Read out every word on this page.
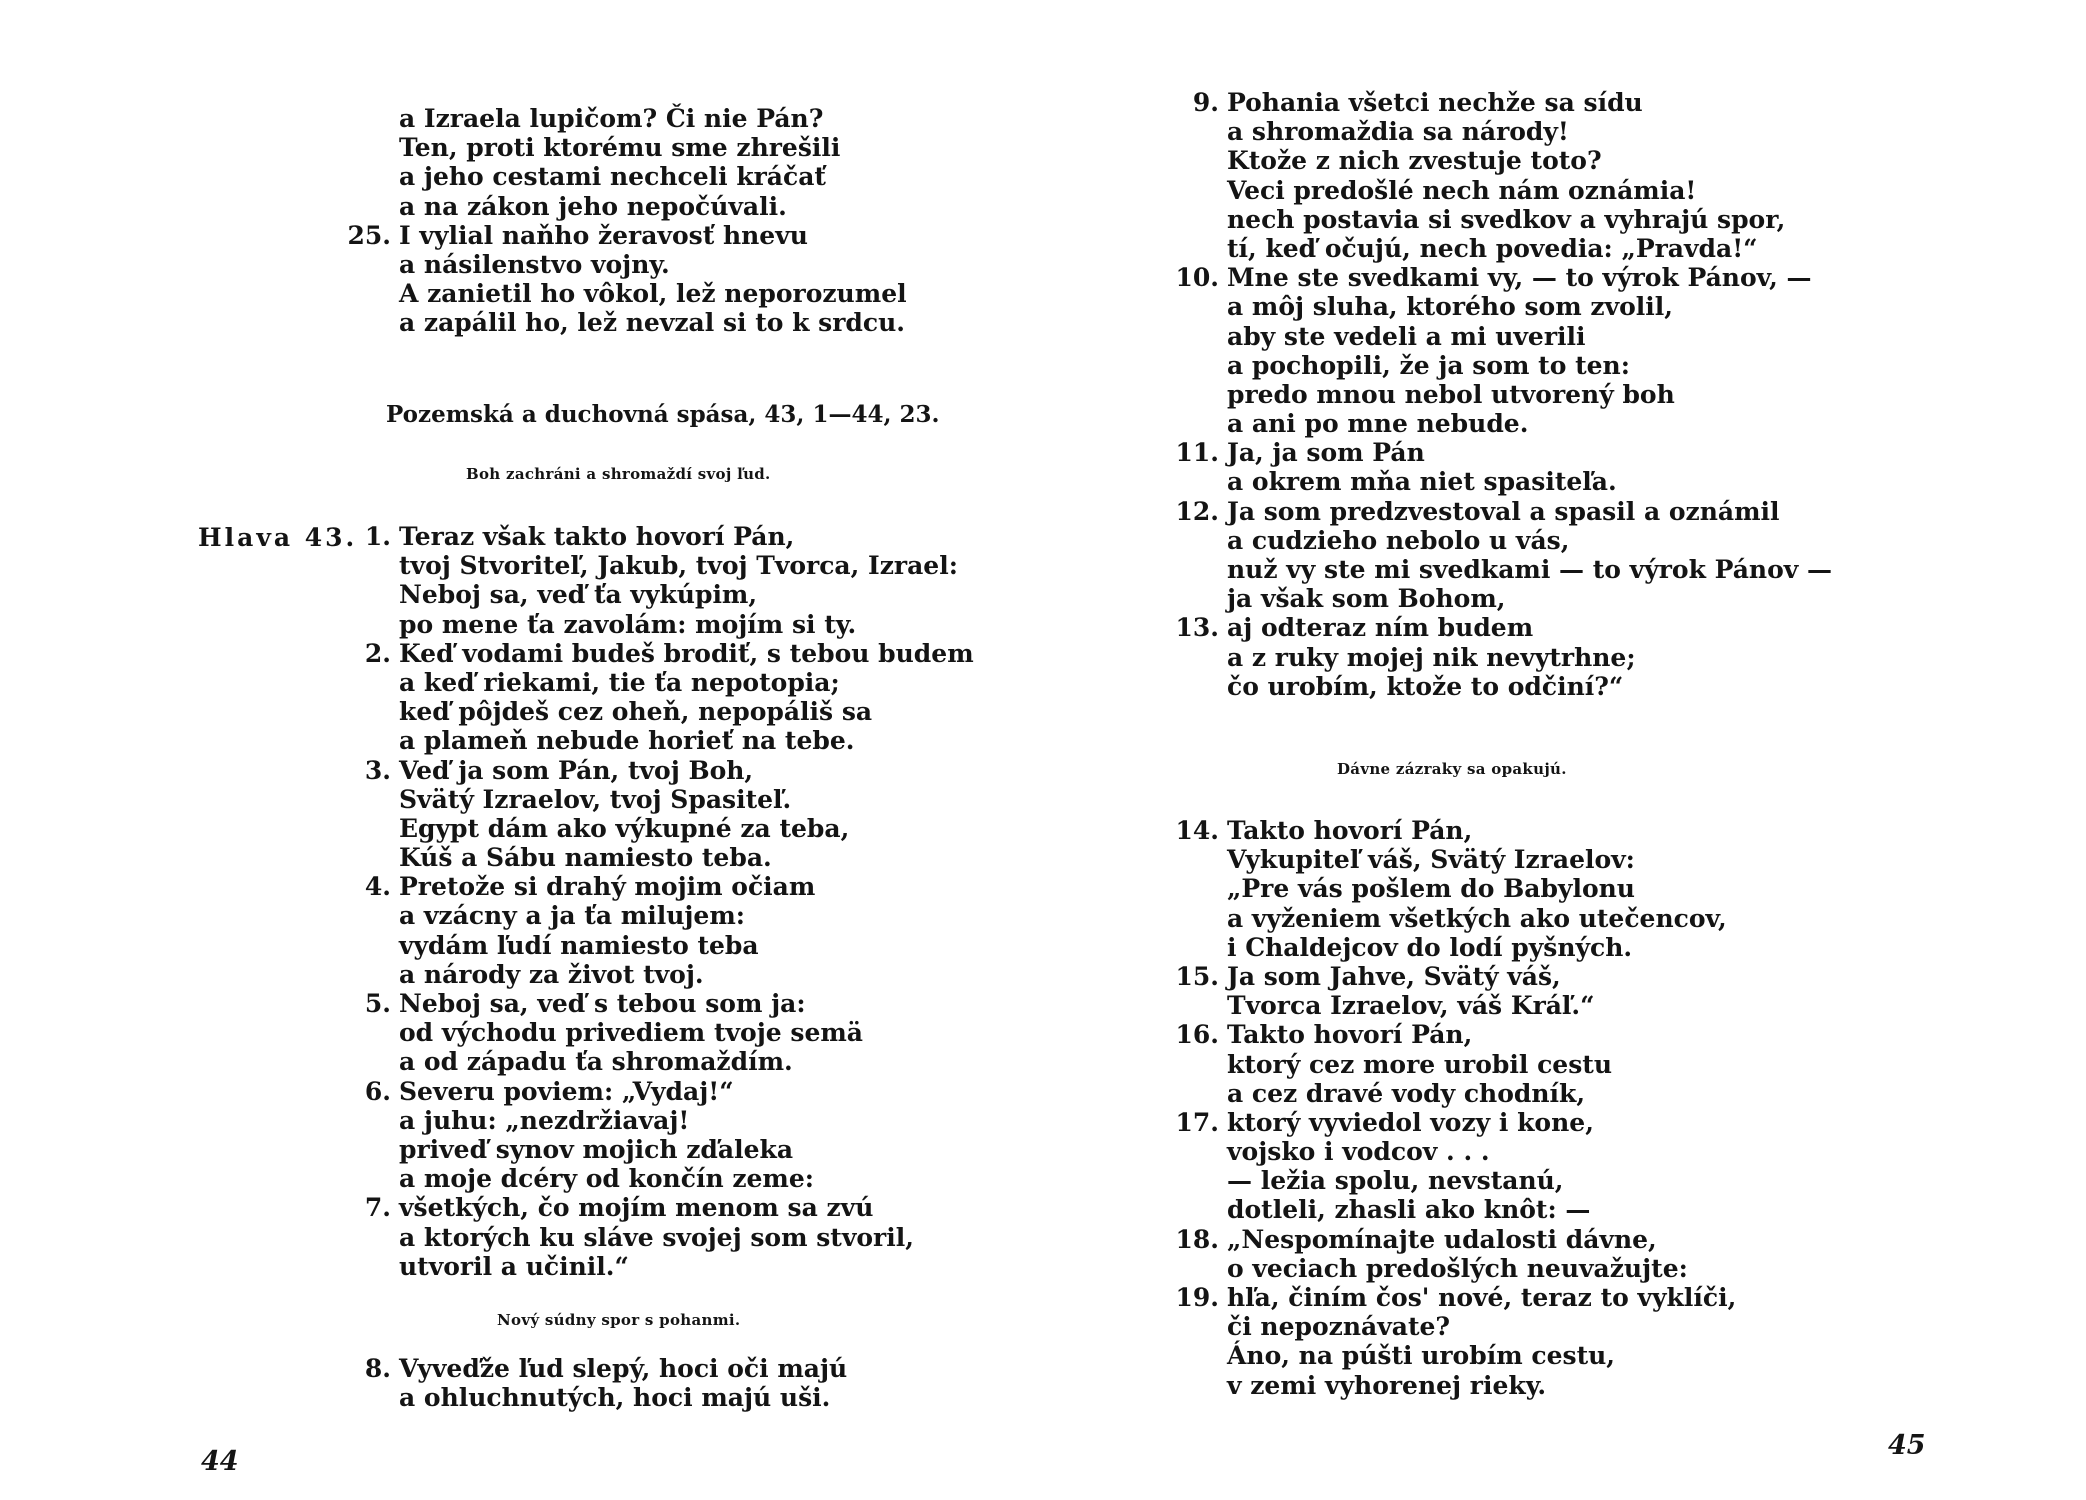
a Izraela lupičom? Či nie Pán?
Ten, proti ktorému sme zhrešili
a jeho cestami nechceli kráčať
a na zákon jeho nepočúvali.
25. I vylial naňho žeravosť hnevu
a násilenstvo vojny.
A zanietil ho vôkol, lež neporozumel
a zapálil ho, lež nevzal si to k srdcu.
Pozemská a duchovná spása, 43, 1—44, 23.
Boh zachráni a shromaždí svoj ľud.
Hlava 43. 1. Teraz však takto hovorí Pán,
tvoj Stvoriteľ, Jakub, tvoj Tvorca, Izrael:
Neboj sa, veď ťa vykúpim,
po mene ťa zavolám: mojím si ty.
2. Keď vodami budeš brodiť, s tebou budem
a keď riekami, tie ťa nepotopia;
keď pôjdeš cez oheň, nepopáliš sa
a plameň nebude horieť na tebe.
3. Veď ja som Pán, tvoj Boh,
Svätý Izraelov, tvoj Spasiteľ.
Egypt dám ako výkupné za teba,
Kúš a Sábu namiesto teba.
4. Pretože si drahý mojim očiam
a vzácny a ja ťa milujem:
vydám ľudí namiesto teba
a národy za život tvoj.
5. Neboj sa, veď s tebou som ja:
od východu privediem tvoje semä
a od západu ťa shromaždím.
6. Severu poviem: „Vydaj!“
a juhu: „nezdržiavaj!
priveď synov mojich zďaleka
a moje dcéry od končín zeme:
7. všetkých, čo mojím menom sa zvú
a ktorých ku sláve svojej som stvoril,
utvoril a učinil.“
Nový súdny spor s pohanmi.
8. Vyveďže ľud slepý, hoci oči majú
a ohluchnutých, hoci majú uši.
44
9. Pohania všetci nechže sa sídu
a shromaždia sa národy!
Ktože z nich zvestuje toto?
Veci predošlé nech nám oznámia!
nech postavia si svedkov a vyhrajú spor,
tí, keď očujú, nech povedia: „Pravda!“
10. Mne ste svedkami vy, — to výrok Pánov, —
a môj sluha, ktorého som zvolil,
aby ste vedeli a mi uverili
a pochopili, že ja som to ten:
predo mnou nebol utvorený boh
a ani po mne nebude.
11. Ja, ja som Pán
a okrem mňa niet spasiteľa.
12. Ja som predzvestoval a spasil a oznámil
a cudzieho nebolo u vás,
nuž vy ste mi svedkami — to výrok Pánov —
ja však som Bohom,
13. aj odteraz ním budem
a z ruky mojej nik nevytrhne;
čo urobím, ktože to odčiní?“
Dávne zázraky sa opakujú.
14. Takto hovorí Pán,
Vykupiteľ váš, Svätý Izraelov:
„Pre vás pošlem do Babylonu
a vyženiem všetkých ako utečencov,
i Chaldejcov do lodí pyšných.
15. Ja som Jahve, Svätý váš,
Tvorca Izraelov, váš Kráľ.“
16. Takto hovorí Pán,
ktorý cez more urobil cestu
a cez dravé vody chodník,
17. ktorý vyviedol vozy i kone,
vojsko i vodcov . . .
— ležia spolu, nevstanú,
dotleli, zhasli ako knôt: —
18. „Nespomínajte udalosti dávne,
o veciach predošlých neuvažujte:
19. hľa, činím čos' nové, teraz to vyklíči,
či nepoznávate?
Áno, na púšti urobím cestu,
v zemi vyhorenej rieky.
45
